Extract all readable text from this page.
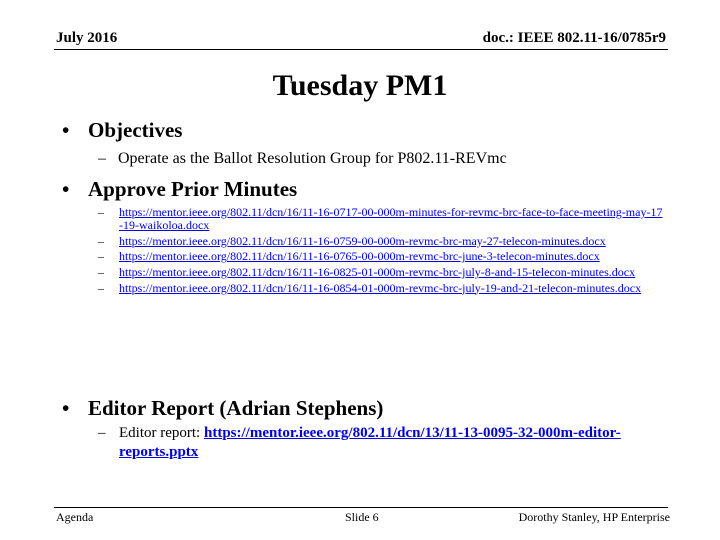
July 2016	doc.: IEEE 802.11-16/0785r9
Tuesday PM1
• Objectives
– Operate as the Ballot Resolution Group for P802.11-REVmc
• Approve Prior Minutes
–	https://mentor.ieee.org/802.11/dcn/16/11-16-0717-00-000m-minutes-for-revmc-brc-face-to-face-meeting-may-17-19-waikoloa.docx
–	https://mentor.ieee.org/802.11/dcn/16/11-16-0759-00-000m-revmc-brc-may-27-telecon-minutes.docx
–	https://mentor.ieee.org/802.11/dcn/16/11-16-0765-00-000m-revmc-brc-june-3-telecon-minutes.docx
–	https://mentor.ieee.org/802.11/dcn/16/11-16-0825-01-000m-revmc-brc-july-8-and-15-telecon-minutes.docx
–	https://mentor.ieee.org/802.11/dcn/16/11-16-0854-01-000m-revmc-brc-july-19-and-21-telecon-minutes.docx
• Editor Report (Adrian Stephens)
– Editor report: https://mentor.ieee.org/802.11/dcn/13/11-13-0095-32-000m-editor-reports.pptx
Agenda	Slide 6	Dorothy Stanley, HP Enterprise
